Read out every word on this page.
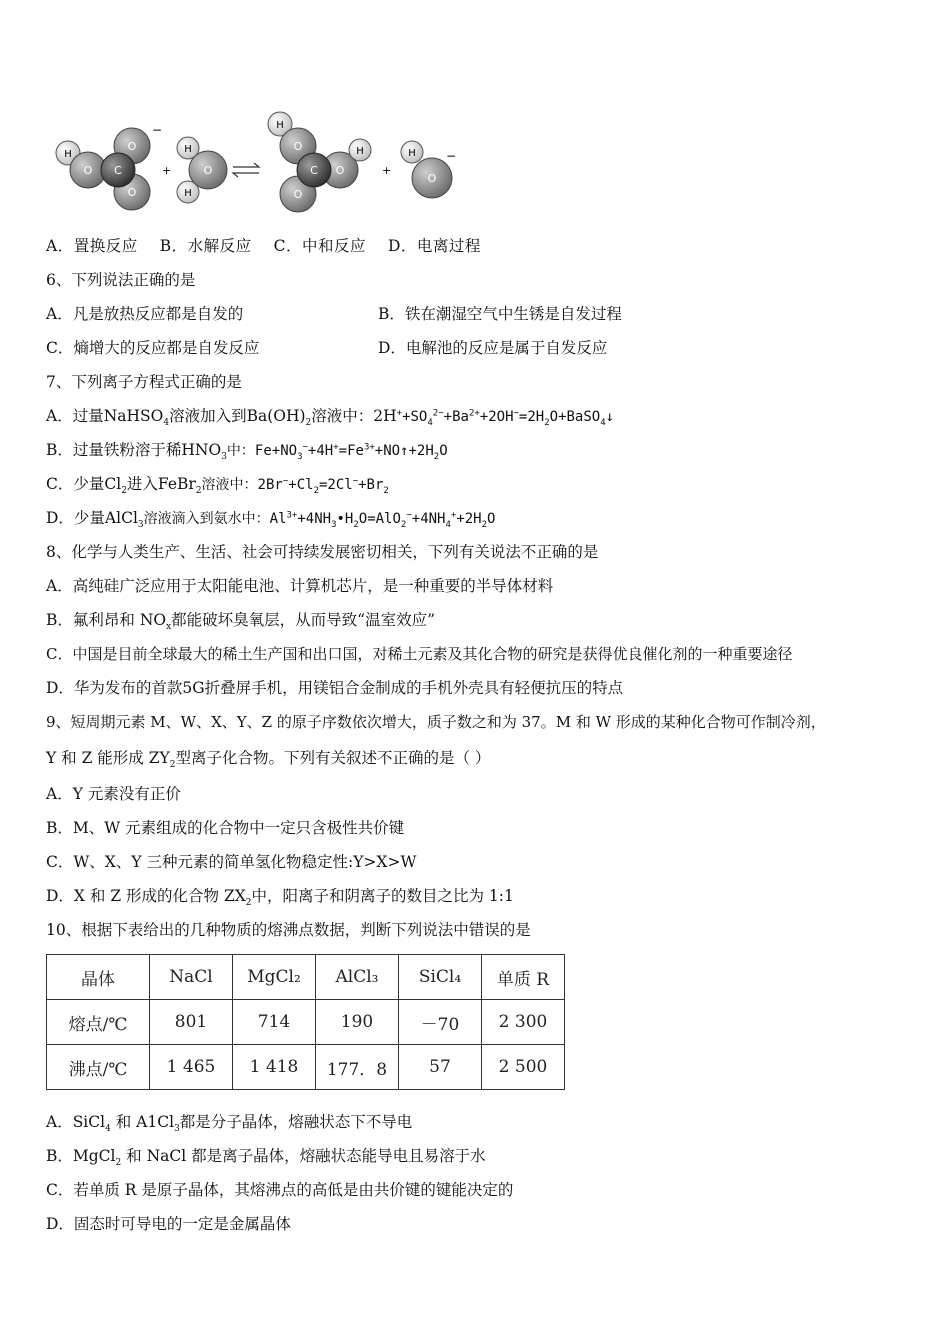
H
O
O
O
C
−
+
H
H
O
H
O
O
O
C
H
+
H
O
−
A．置换反应 B．水解反应 C．中和反应 D．电离过程
6、下列说法正确的是
A．凡是放热反应都是自发的	B．铁在潮湿空气中生锈是自发过程
C．熵增大的反应都是自发反应	D．电解池的反应是属于自发反应
7、下列离子方程式正确的是
A．过量NaHSO$_4$溶液加入到$Ba(OH)_2$溶液中：$2H^++SO_4^{2-}+Ba^{2+}+2OH^-=2H_2O+BaSO_4↓$
B．过量铁粉溶于稀$HNO_3$中：$Fe+NO_3^-+4H^+=Fe^{3+}+NO↑+2H_2O$
C．少量$Cl_2$进入FeBr$_2$溶液中：$2Br^-+Cl_2=2Cl^-+Br_2$
D．少量AlCl$_3$溶液滴入到氨水中：$Al^{3+}+4NH_3•H_2O=AlO_2^-+4NH_4^++2H_2O$
8、化学与人类生产、生活、社会可持续发展密切相关，下列有关说法不正确的是
A．高纯硅广泛应用于太阳能电池、计算机芯片，是一种重要的半导体材料
B．氟利昂和 $NO_x$都能破坏臭氧层，从而导致“温室效应”
C．中国是目前全球最大的稀土生产国和出口国，对稀土元素及其化合物的研究是获得优良催化剂的一种重要途径
D．华为发布的首款5G折叠屏手机，用镁铝合金制成的手机外壳具有轻便抗压的特点
9、短周期元素 M、W、X、Y、Z 的原子序数依次增大，质子数之和为 37。M 和 W 形成的某种化合物可作制冷剂，
Y 和 Z 能形成 $ZY_2$型离子化合物。下列有关叙述不正确的是（ ）
A．Y 元素没有正价
B．M、W 元素组成的化合物中一定只含极性共价键
C．W、X、Y 三种元素的简单氢化物稳定性:Y>X>W
D．X 和 Z 形成的化合物 $ZX_2$中，阳离子和阴离子的数目之比为 1:1
10、根据下表给出的几种物质的熔沸点数据，判断下列说法中错误的是
晶体	NaCl	MgCl₂	AlCl₃	SiCl₄	单质 R
熔点/℃	801	714	190	－70	2 300
沸点/℃	1 465	1 418	177．8	57	2 500
A．SiCl$_4$ 和 $A1Cl_3$都是分子晶体，熔融状态下不导电
B．MgCl$_2$ 和 NaCl 都是离子晶体，熔融状态能导电且易溶于水
C．若单质 R 是原子晶体，其熔沸点的高低是由共价键的键能决定的
D．固态时可导电的一定是金属晶体
